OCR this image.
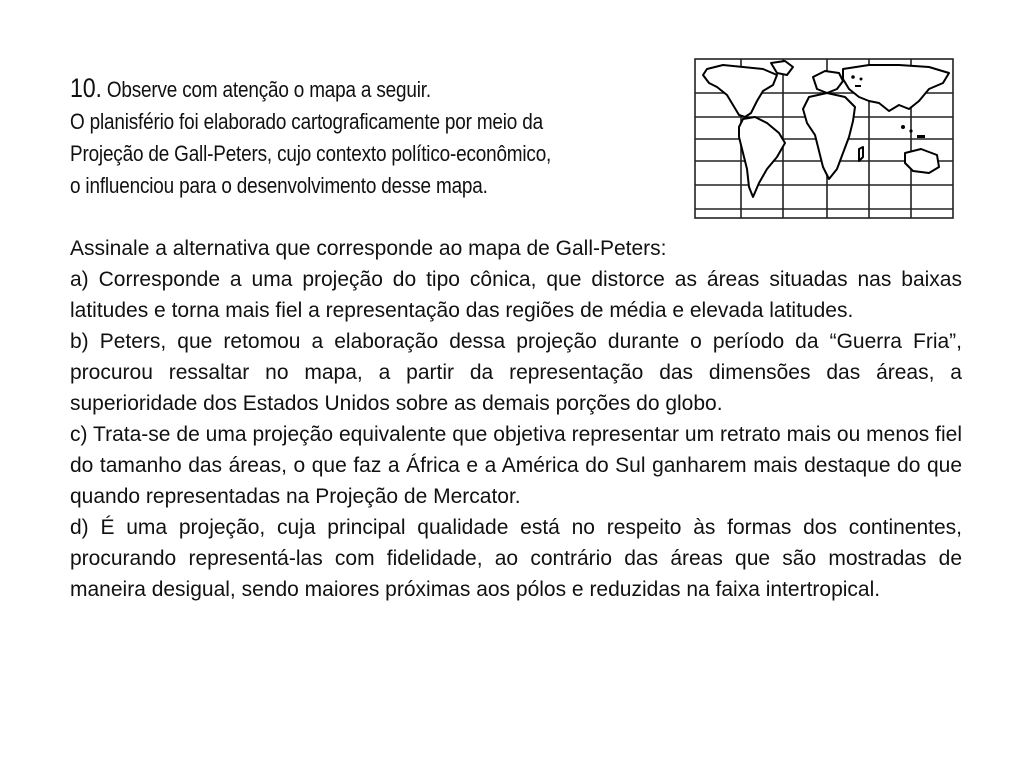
10. Observe com atenção o mapa a seguir.
O planisfério foi elaborado cartograficamente por meio da
Projeção de Gall-Peters, cujo contexto político-econômico,
o influenciou para o desenvolvimento desse mapa.
Assinale a alternativa que corresponde ao mapa de Gall-Peters:
a) Corresponde a uma projeção do tipo cônica, que distorce as áreas situadas nas baixas latitudes e torna mais fiel a representação das regiões de média e elevada latitudes.
b) Peters, que retomou a elaboração dessa projeção durante o período da “Guerra Fria”, procurou ressaltar no mapa, a partir da representação das dimensões das áreas, a superioridade dos Estados Unidos sobre as demais porções do globo.
c) Trata-se de uma projeção equivalente que objetiva representar um retrato mais ou menos fiel do tamanho das áreas, o que faz a África e a América do Sul ganharem mais destaque do que quando representadas na Projeção de Mercator.
d) É uma projeção, cuja principal qualidade está no respeito às formas dos continentes, procurando representá-las com fidelidade, ao contrário das áreas que são mostradas de maneira desigual, sendo maiores próximas aos pólos e reduzidas na faixa intertropical.
